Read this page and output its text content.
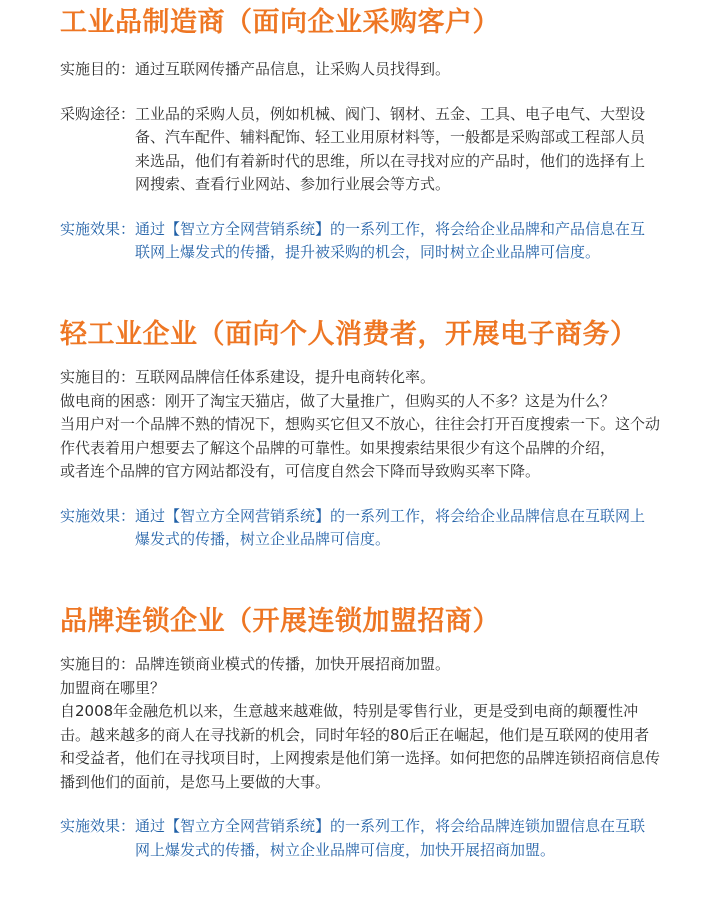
工业品制造商（面向企业采购客户）
实施目的： 通过互联网传播产品信息，让采购人员找得到。
采购途径： 工业品的采购人员，例如机械、阀门、钢材、五金、工具、电子电气、大型设备、汽车配件、辅料配饰、轻工业用原材料等，一般都是采购部或工程部人员来选品，他们有着新时代的思维，所以在寻找对应的产品时，他们的选择有上网搜索、查看行业网站、参加行业展会等方式。
实施效果： 通过【智立方全网营销系统】的一系列工作，将会给企业品牌和产品信息在互联网上爆发式的传播，提升被采购的机会，同时树立企业品牌可信度。
轻工业企业（面向个人消费者，开展电子商务）
实施目的： 互联网品牌信任体系建设，提升电商转化率。
做电商的困惑：刚开了淘宝天猫店，做了大量推广，但购买的人不多？这是为什么？
当用户对一个品牌不熟的情况下，想购买它但又不放心，往往会打开百度搜索一下。这个动作代表着用户想要去了解这个品牌的可靠性。如果搜索结果很少有这个品牌的介绍，
或者连个品牌的官方网站都没有，可信度自然会下降而导致购买率下降。
实施效果： 通过【智立方全网营销系统】的一系列工作，将会给企业品牌信息在互联网上爆发式的传播，树立企业品牌可信度。
品牌连锁企业（开展连锁加盟招商）
实施目的： 品牌连锁商业模式的传播，加快开展招商加盟。
加盟商在哪里？
自2008年金融危机以来，生意越来越难做，特别是零售行业，更是受到电商的颠覆性冲击。越来越多的商人在寻找新的机会，同时年轻的80后正在崛起，他们是互联网的使用者
和受益者，他们在寻找项目时，上网搜索是他们第一选择。如何把您的品牌连锁招商信息传播到他们的面前，是您马上要做的大事。
实施效果： 通过【智立方全网营销系统】的一系列工作，将会给品牌连锁加盟信息在互联网上爆发式的传播，树立企业品牌可信度，加快开展招商加盟。
